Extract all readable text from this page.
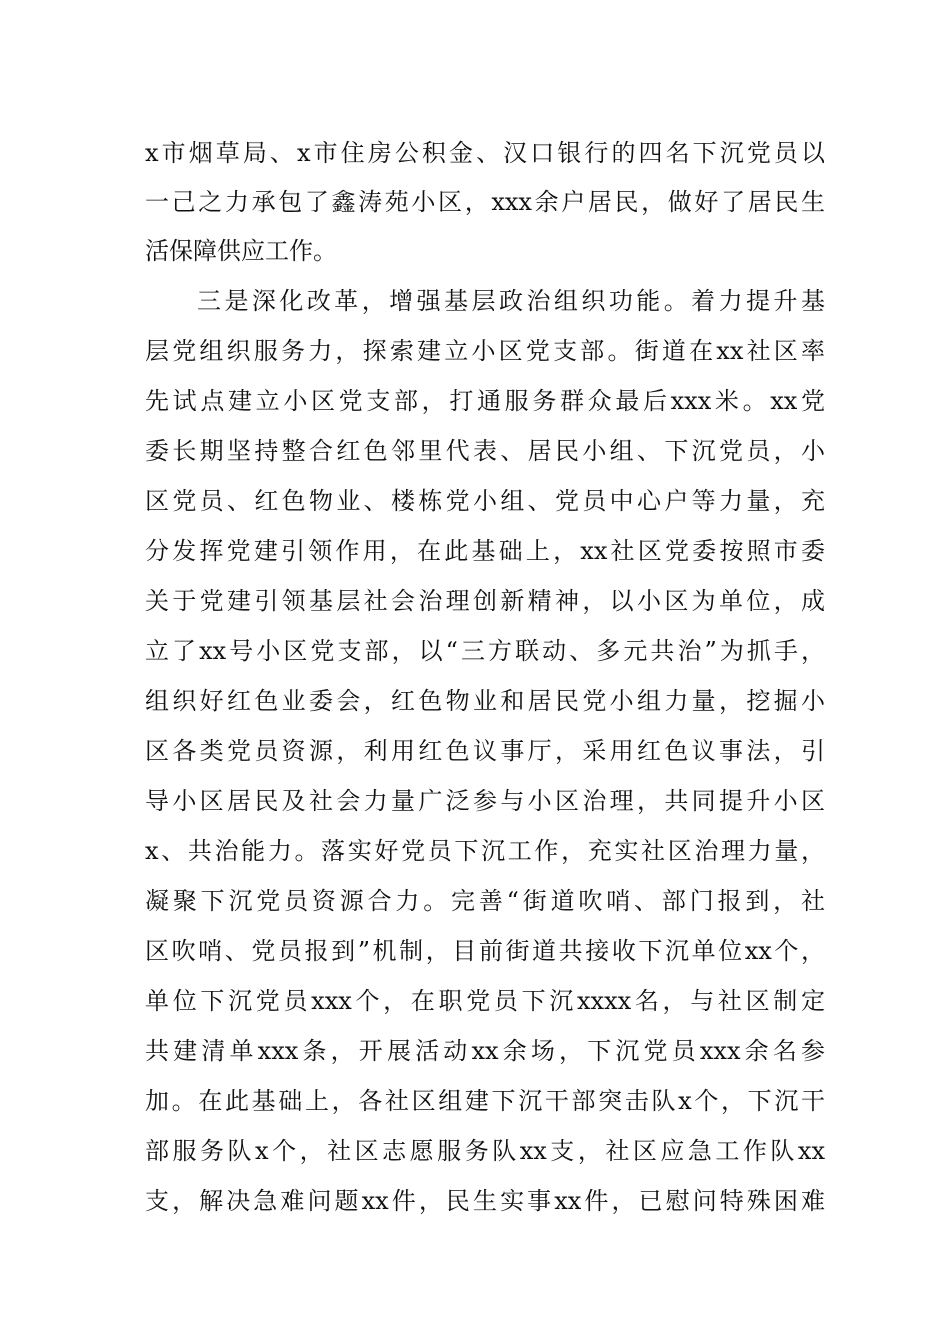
x市烟草局、x市住房公积金、汉口银行的四名下沉党员以
一己之力承包了鑫涛苑小区，xxx余户居民，做好了居民生
活保障供应工作。
三是深化改革，增强基层政治组织功能。着力提升基
层党组织服务力，探索建立小区党支部。街道在xx社区率
先试点建立小区党支部，打通服务群众最后xxx米。xx党
委长期坚持整合红色邻里代表、居民小组、下沉党员，小
区党员、红色物业、楼栋党小组、党员中心户等力量，充
分发挥党建引领作用，在此基础上，xx社区党委按照市委
关于党建引领基层社会治理创新精神，以小区为单位，成
立了xx号小区党支部，以“三方联动、多元共治”为抓手，
组织好红色业委会，红色物业和居民党小组力量，挖掘小
区各类党员资源，利用红色议事厅，采用红色议事法，引
导小区居民及社会力量广泛参与小区治理，共同提升小区
x、共治能力。落实好党员下沉工作，充实社区治理力量，
凝聚下沉党员资源合力。完善“街道吹哨、部门报到，社
区吹哨、党员报到”机制，目前街道共接收下沉单位xx个，
单位下沉党员xxx个，在职党员下沉xxxx名，与社区制定
共建清单xxx条，开展活动xx余场，下沉党员xxx余名参
加。在此基础上，各社区组建下沉干部突击队x个，下沉干
部服务队x个，社区志愿服务队xx支，社区应急工作队xx
支，解决急难问题xx件，民生实事xx件，已慰问特殊困难
